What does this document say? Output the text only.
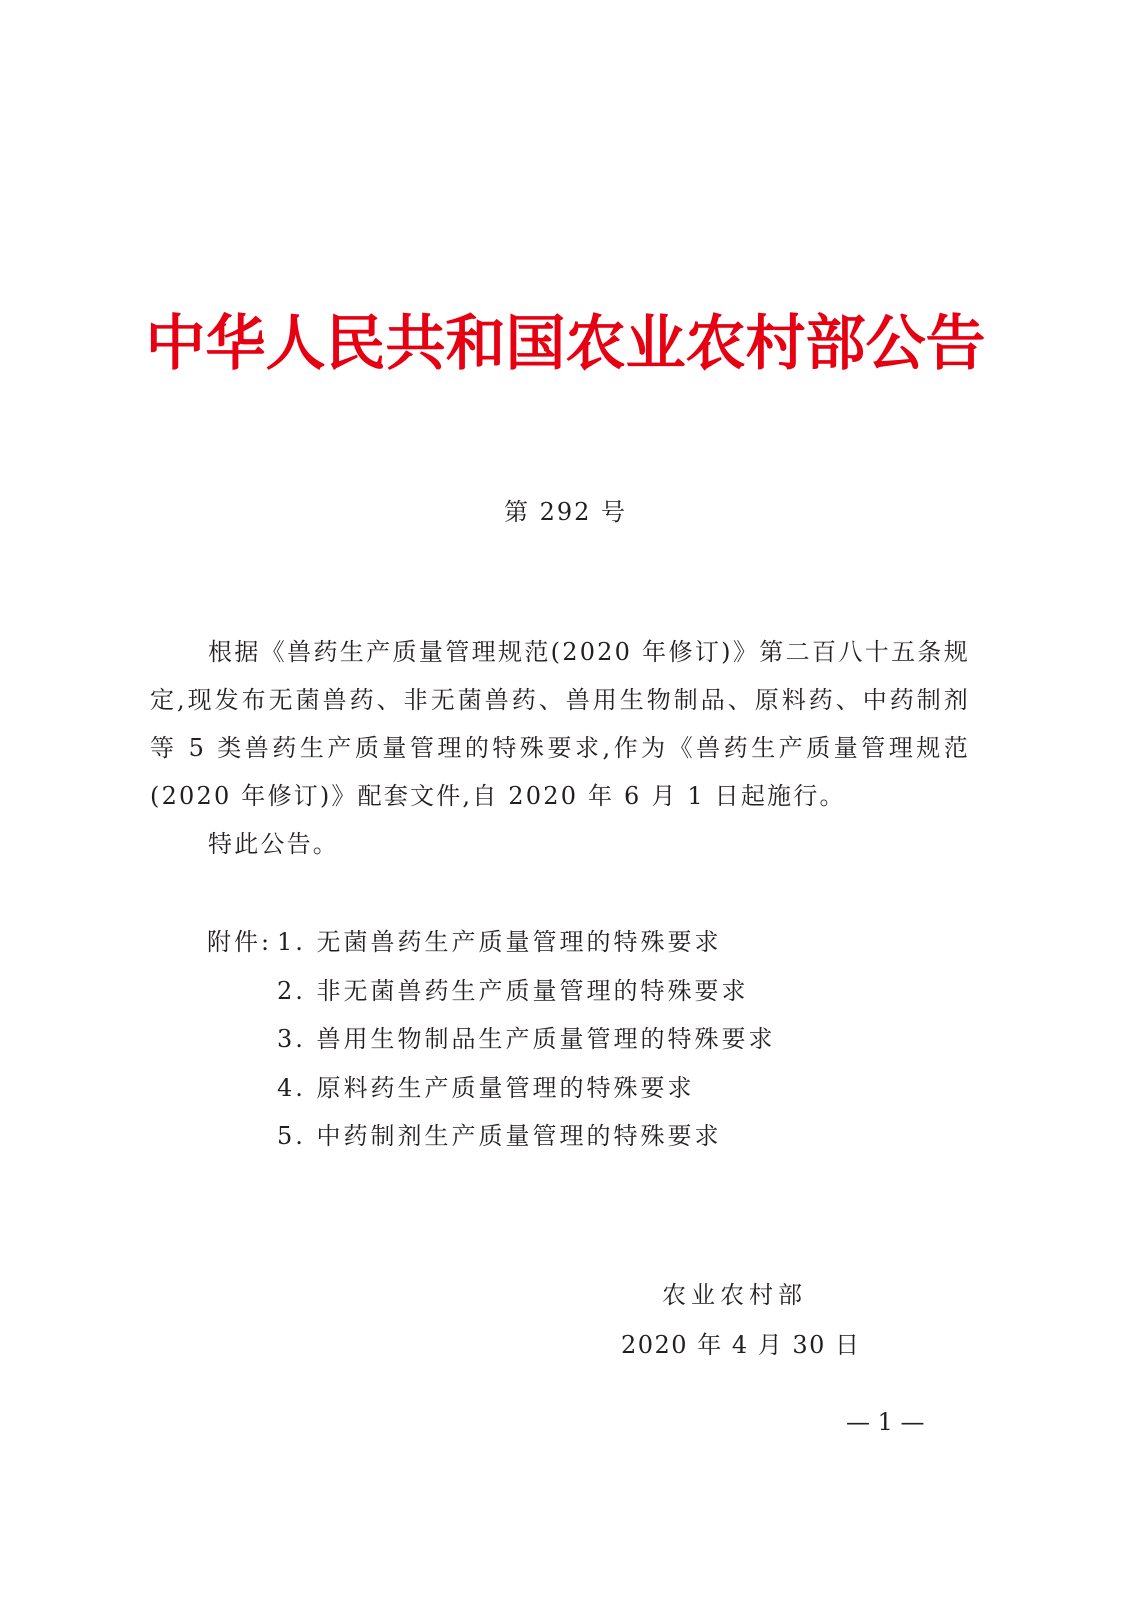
中华人民共和国农业农村部公告
第 292 号

根据《兽药生产质量管理规范(2020 年修订)》第二百八十五条规定,现发布无菌兽药、非无菌兽药、兽用生物制品、原料药、中药制剂等 5 类兽药生产质量管理的特殊要求,作为《兽药生产质量管理规范(2020 年修订)》配套文件,自 2020 年 6 月 1 日起施行。

特此公告。

附件: 1. 无菌兽药生产质量管理的特殊要求
2. 非无菌兽药生产质量管理的特殊要求
3. 兽用生物制品生产质量管理的特殊要求
4. 原料药生产质量管理的特殊要求
5. 中药制剂生产质量管理的特殊要求
农业农村部
2020 年 4 月 30 日
— 1 —
